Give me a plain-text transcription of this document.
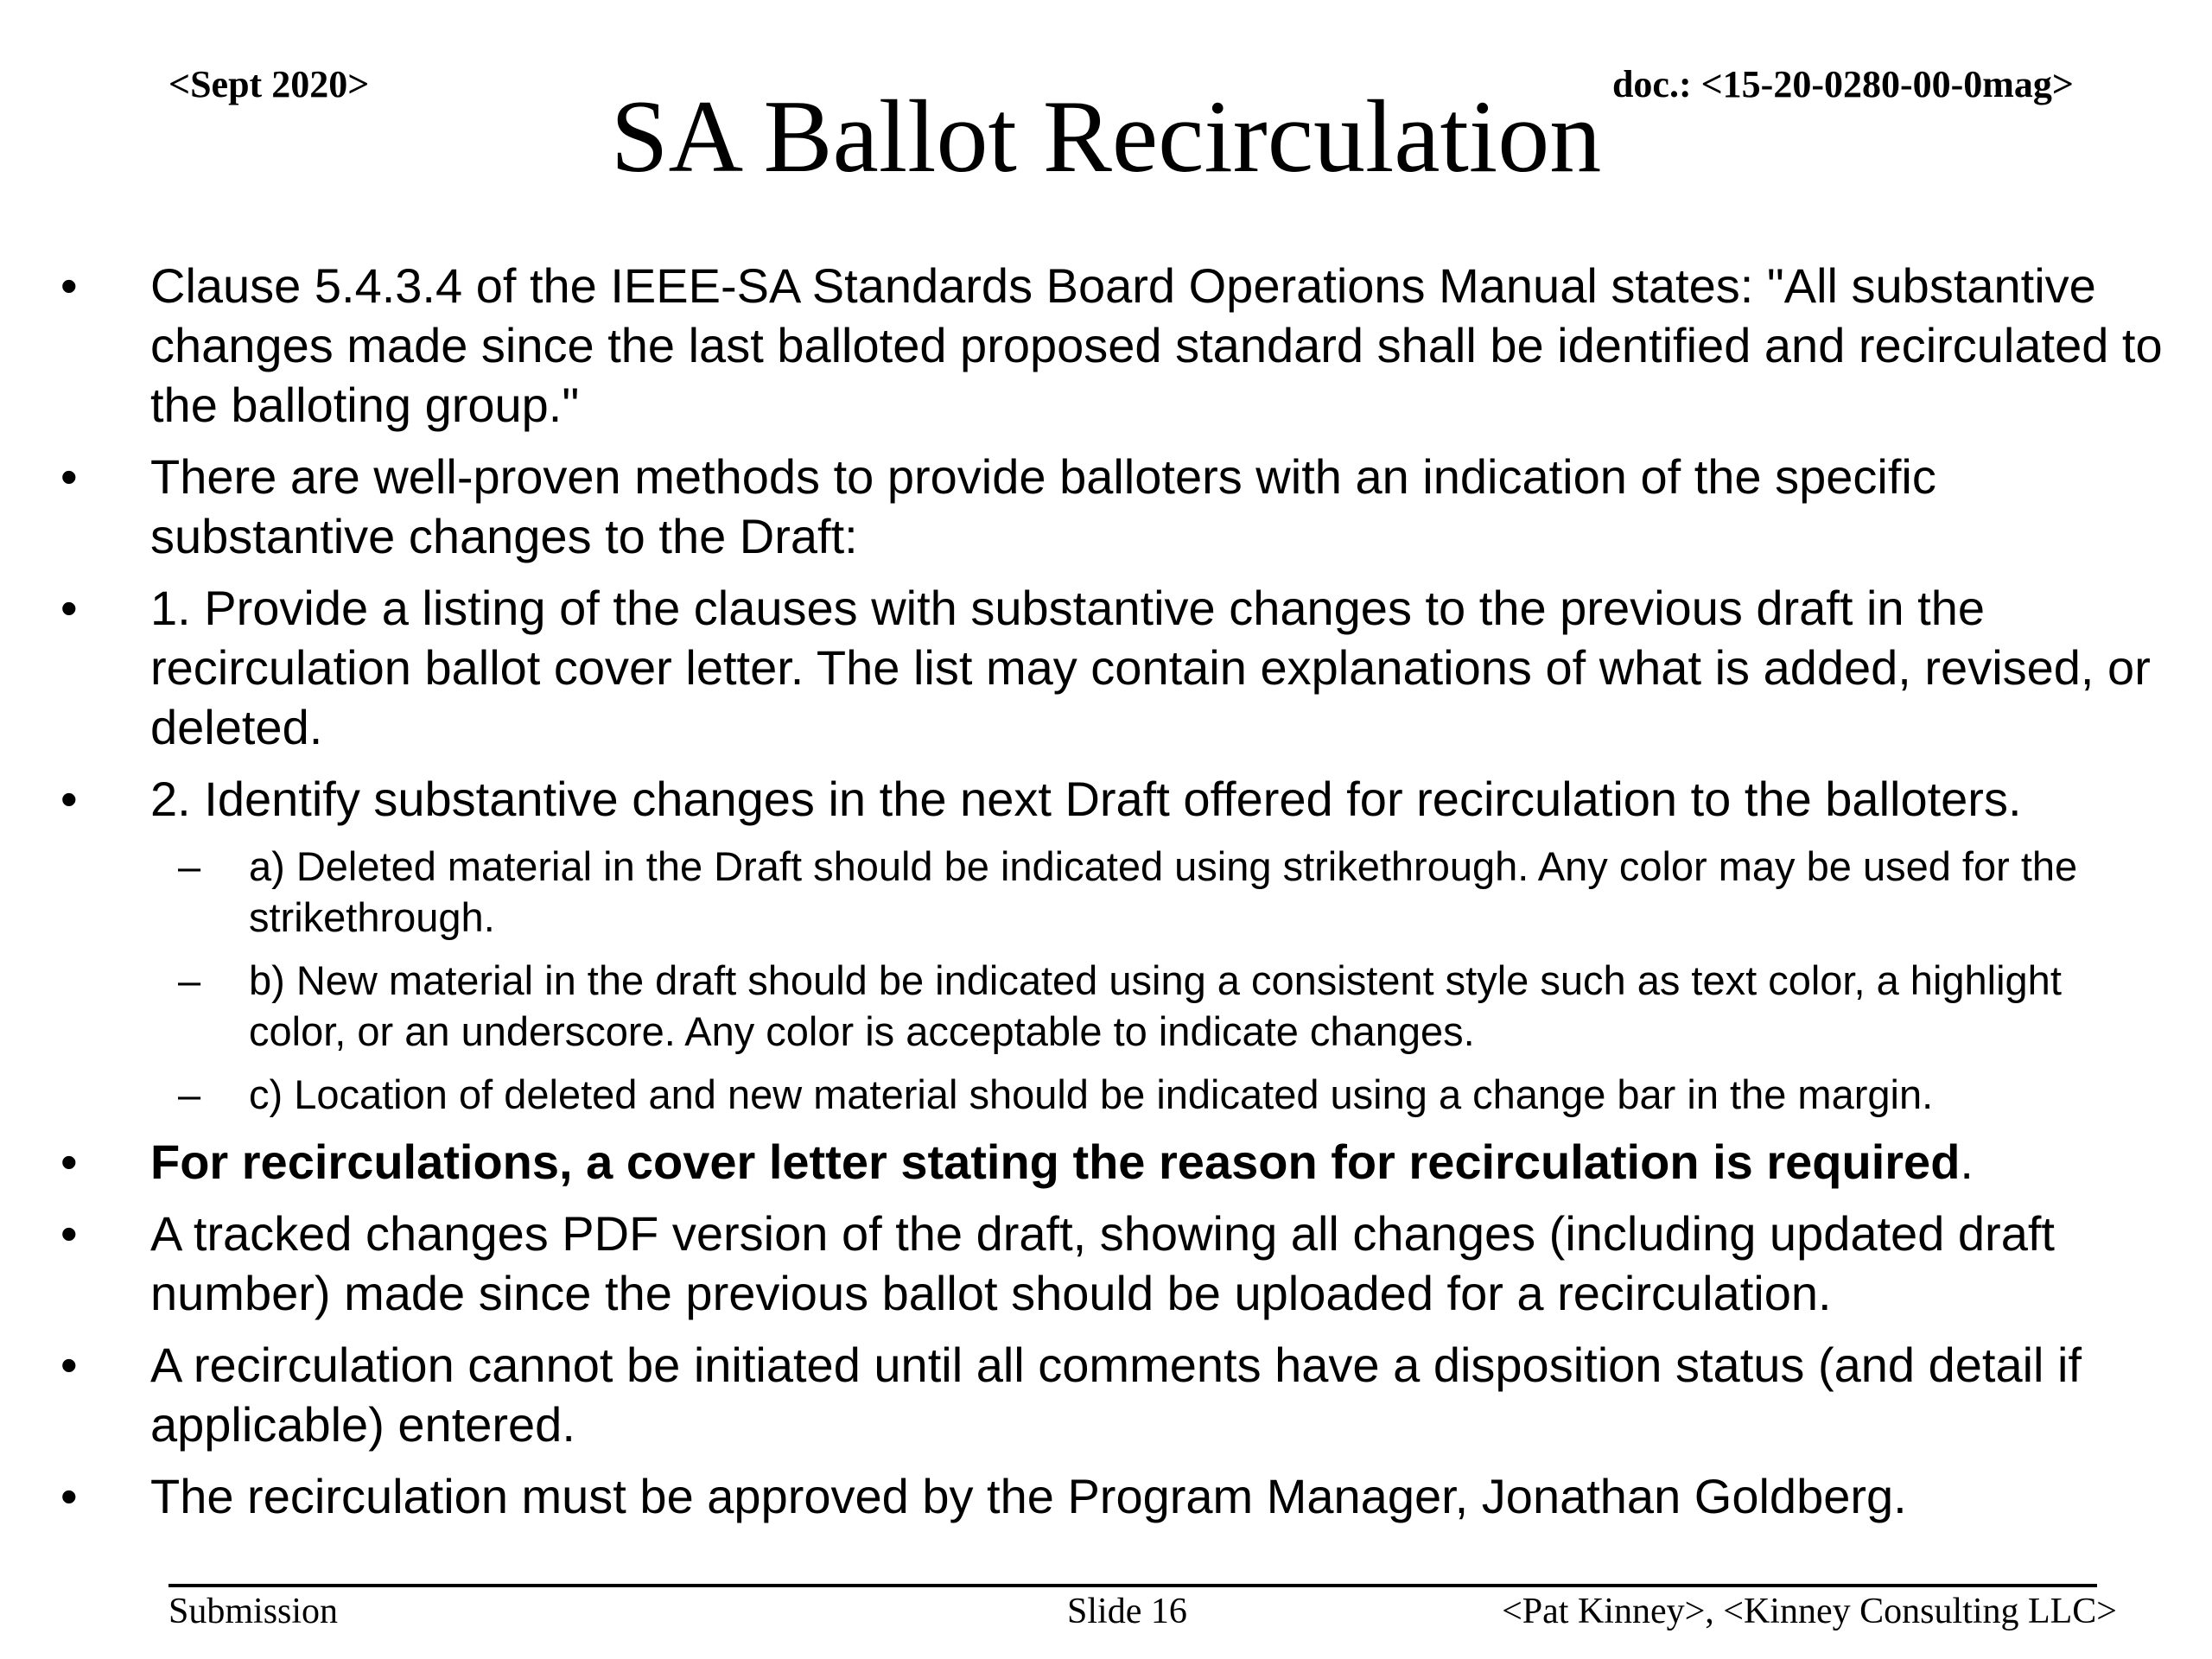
<Sept 2020>	doc.: <15-20-0280-00-0mag>
SA Ballot Recirculation
• Clause 5.4.3.4 of the IEEE-SA Standards Board Operations Manual states: "All substantive changes made since the last balloted proposed standard shall be identified and recirculated to the balloting group."
• There are well-proven methods to provide balloters with an indication of the specific substantive changes to the Draft:
• 1. Provide a listing of the clauses with substantive changes to the previous draft in the recirculation ballot cover letter. The list may contain explanations of what is added, revised, or deleted.
• 2. Identify substantive changes in the next Draft offered for recirculation to the balloters.
– a) Deleted material in the Draft should be indicated using strikethrough. Any color may be used for the strikethrough.
– b) New material in the draft should be indicated using a consistent style such as text color, a highlight color, or an underscore. Any color is acceptable to indicate changes.
– c) Location of deleted and new material should be indicated using a change bar in the margin.
• For recirculations, a cover letter stating the reason for recirculation is required.
• A tracked changes PDF version of the draft, showing all changes (including updated draft number) made since the previous ballot should be uploaded for a recirculation.
• A recirculation cannot be initiated until all comments have a disposition status (and detail if applicable) entered.
• The recirculation must be approved by the Program Manager, Jonathan Goldberg.
Submission	Slide 16	<Pat Kinney>, <Kinney Consulting LLC>
